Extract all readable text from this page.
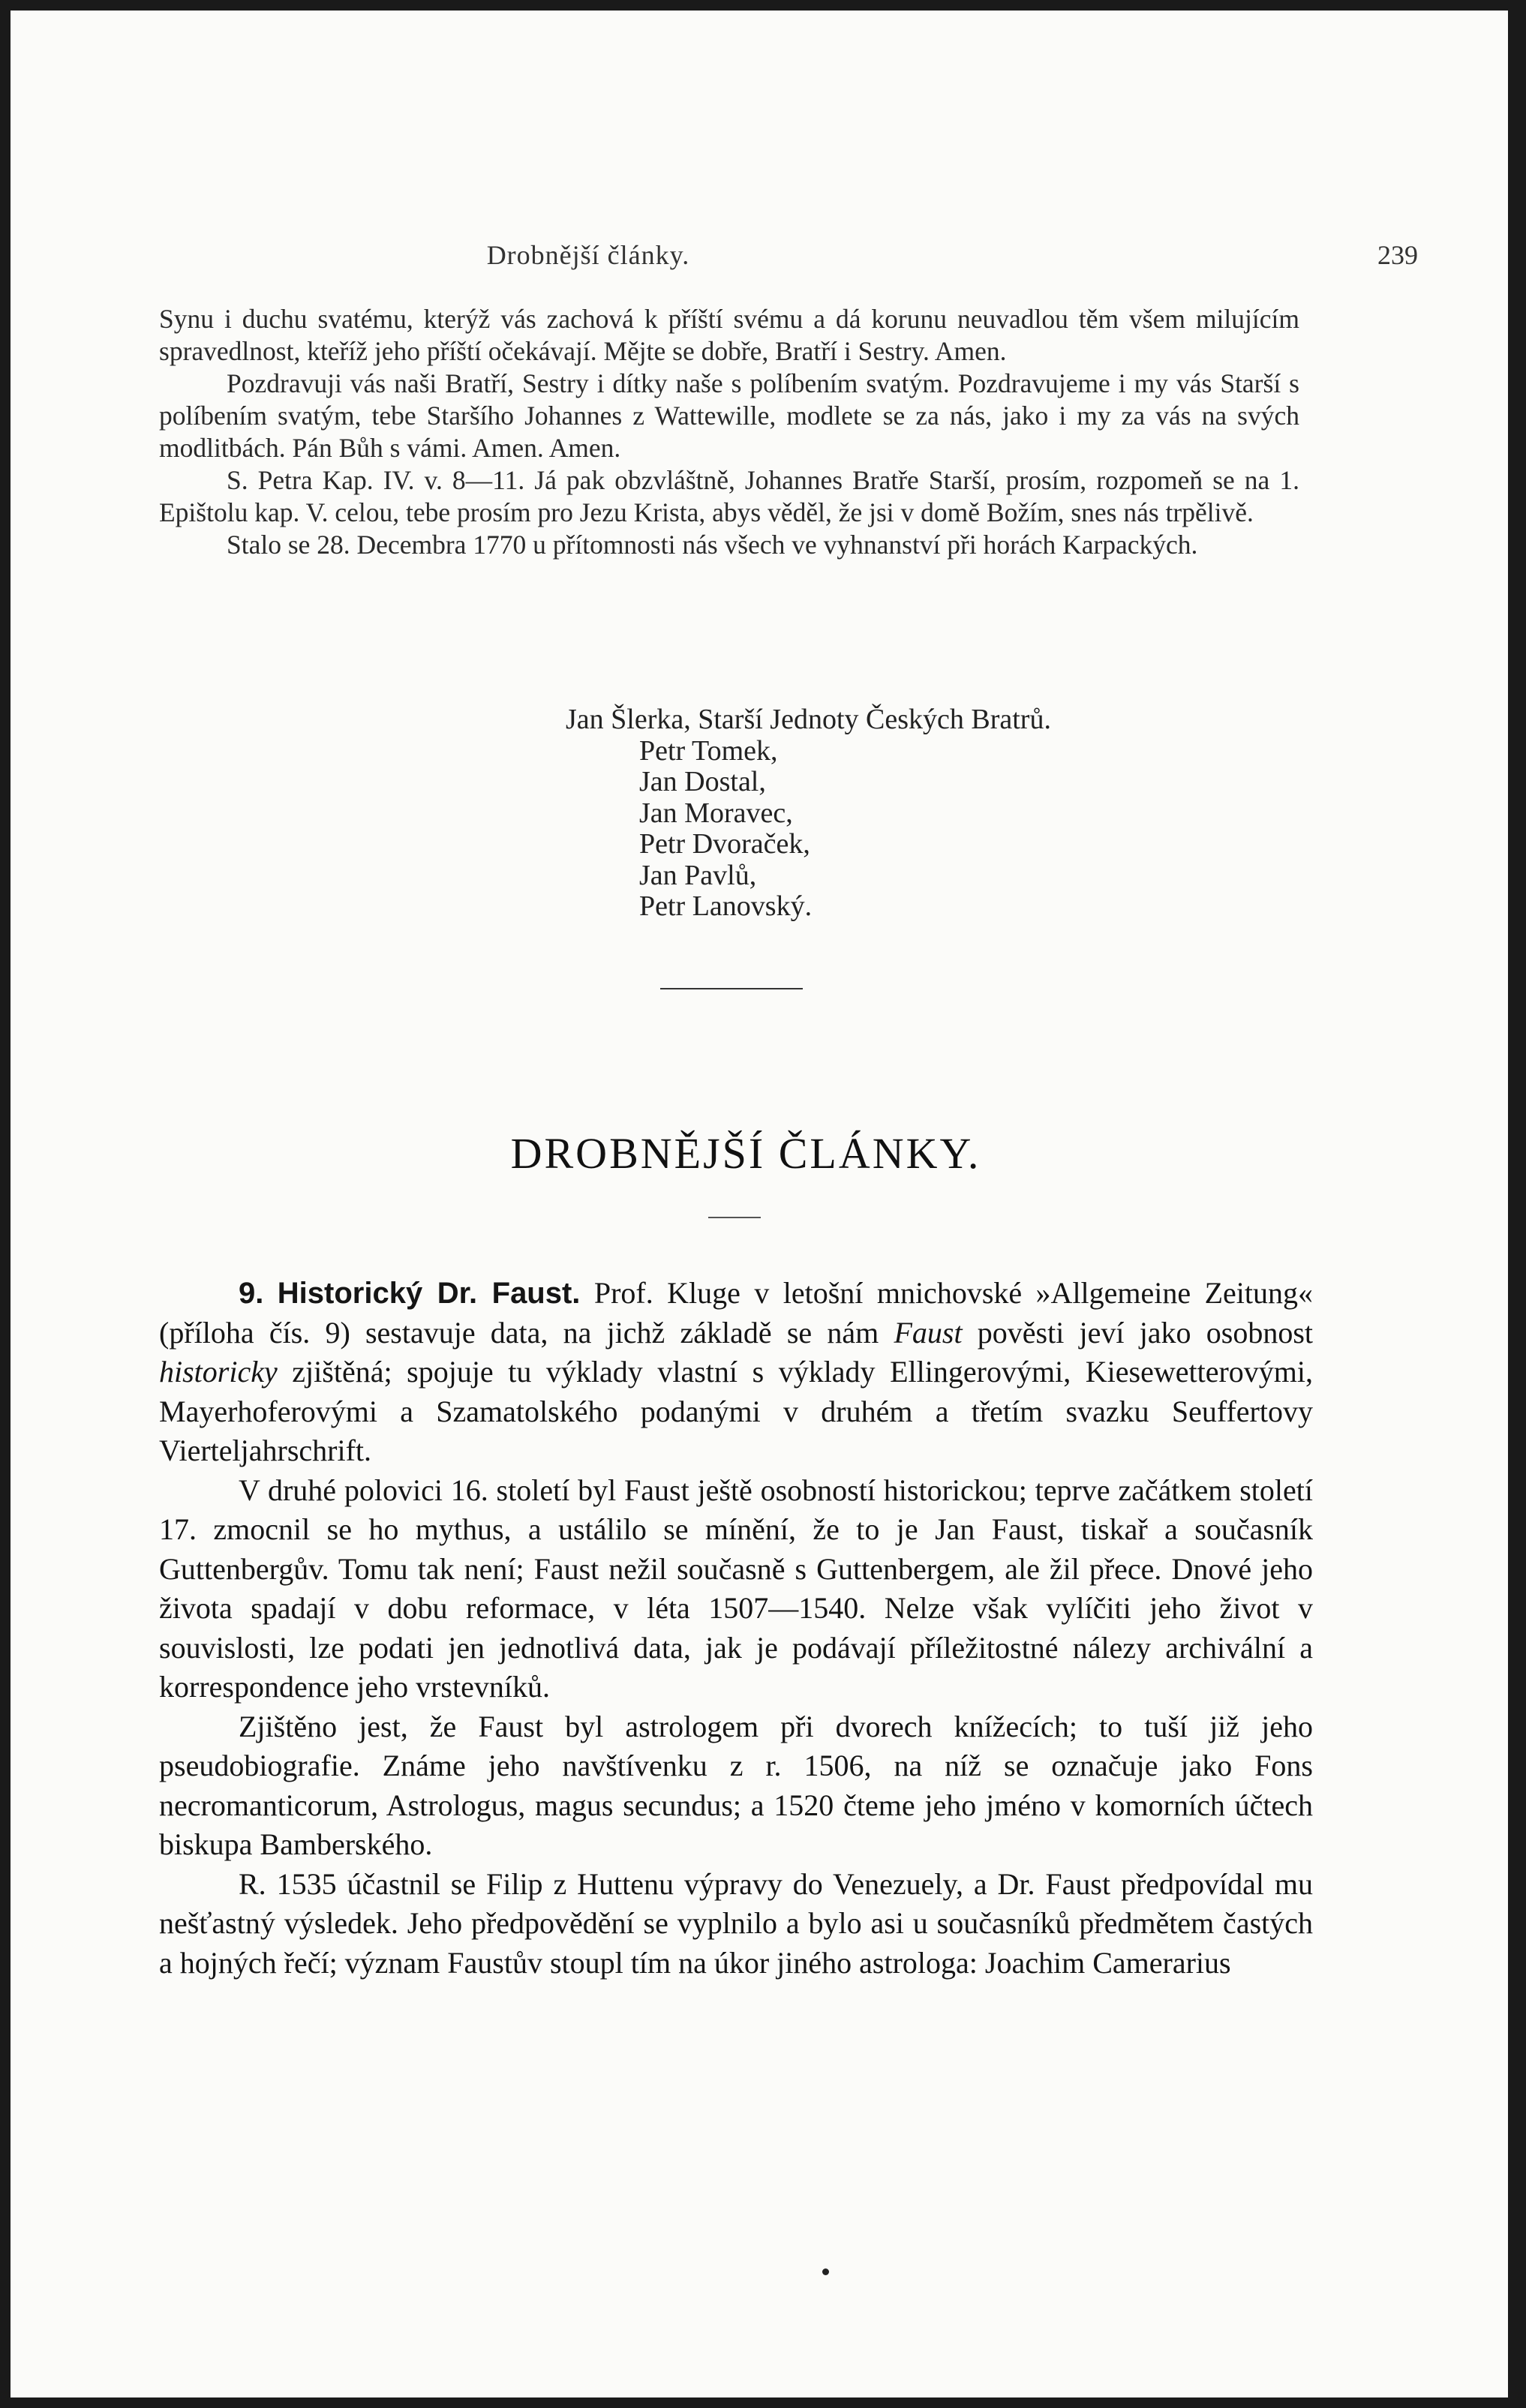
Drobnější články.	239

Synu i duchu svatému, kterýž vás zachová k příští svému a dá korunu neuvadlou těm všem milujícím spravedlnost, kteříž jeho příští očekávají. Mějte se dobře, Bratří i Sestry. Amen.

Pozdravuji vás naši Bratří, Sestry i dítky naše s políbením svatým. Pozdravujeme i my vás Starší s políbením svatým, tebe Staršího Johannes z Wattewille, modlete se za nás, jako i my za vás na svých modlitbách. Pán Bůh s vámi. Amen. Amen.

S. Petra Kap. IV. v. 8—11. Já pak obzvláštně, Johannes Bratře Starší, prosím, rozpomeň se na 1. Epištolu kap. V. celou, tebe prosím pro Jezu Krista, abys věděl, že jsi v domě Božím, snes nás trpělivě.

Stalo se 28. Decembra 1770 u přítomnosti nás všech ve vyhnanství při horách Karpackých.

Jan Šlerka, Starší Jednoty Českých Bratrů.
Petr Tomek,
Jan Dostal,
Jan Moravec,
Petr Dvoraček,
Jan Pavlů,
Petr Lanovský.
DROBNĚJŠÍ ČLÁNKY.

9. Historický Dr. Faust. Prof. Kluge v letošní mnichovské »Allgemeine Zeitung« (příloha čís. 9) sestavuje data, na jichž základě se nám Faust pověsti jeví jako osobnost historicky zjištěná; spojuje tu výklady vlastní s výklady Ellingerovými, Kiesewetterovými, Mayerhoferovými a Szamatolského podanými v druhém a třetím svazku Seuffertovy Vierteljahrschrift.

V druhé polovici 16. století byl Faust ještě osobností historickou; teprve začátkem století 17. zmocnil se ho mythus, a ustálilo se mínění, že to je Jan Faust, tiskař a současník Guttenbergův. Tomu tak není; Faust nežil současně s Guttenbergem, ale žil přece. Dnové jeho života spadají v dobu reformace, v léta 1507—1540. Nelze však vylíčiti jeho život v souvislosti, lze podati jen jednotlivá data, jak je podávají příležitostné nálezy archivální a korrespondence jeho vrstevníků.

Zjištěno jest, že Faust byl astrologem při dvorech knížecích; to tuší již jeho pseudobiografie. Známe jeho navštívenku z r. 1506, na níž se označuje jako Fons necromanticorum, Astrologus, magus secundus; a 1520 čteme jeho jméno v komorních účtech biskupa Bamberského.

R. 1535 účastnil se Filip z Huttenu výpravy do Venezuely, a Dr. Faust předpovídal mu nešťastný výsledek. Jeho předpovědění se vyplnilo a bylo asi u současníků předmětem častých a hojných řečí; význam Faustův stoupl tím na úkor jiného astrologa: Joachim Camerarius
